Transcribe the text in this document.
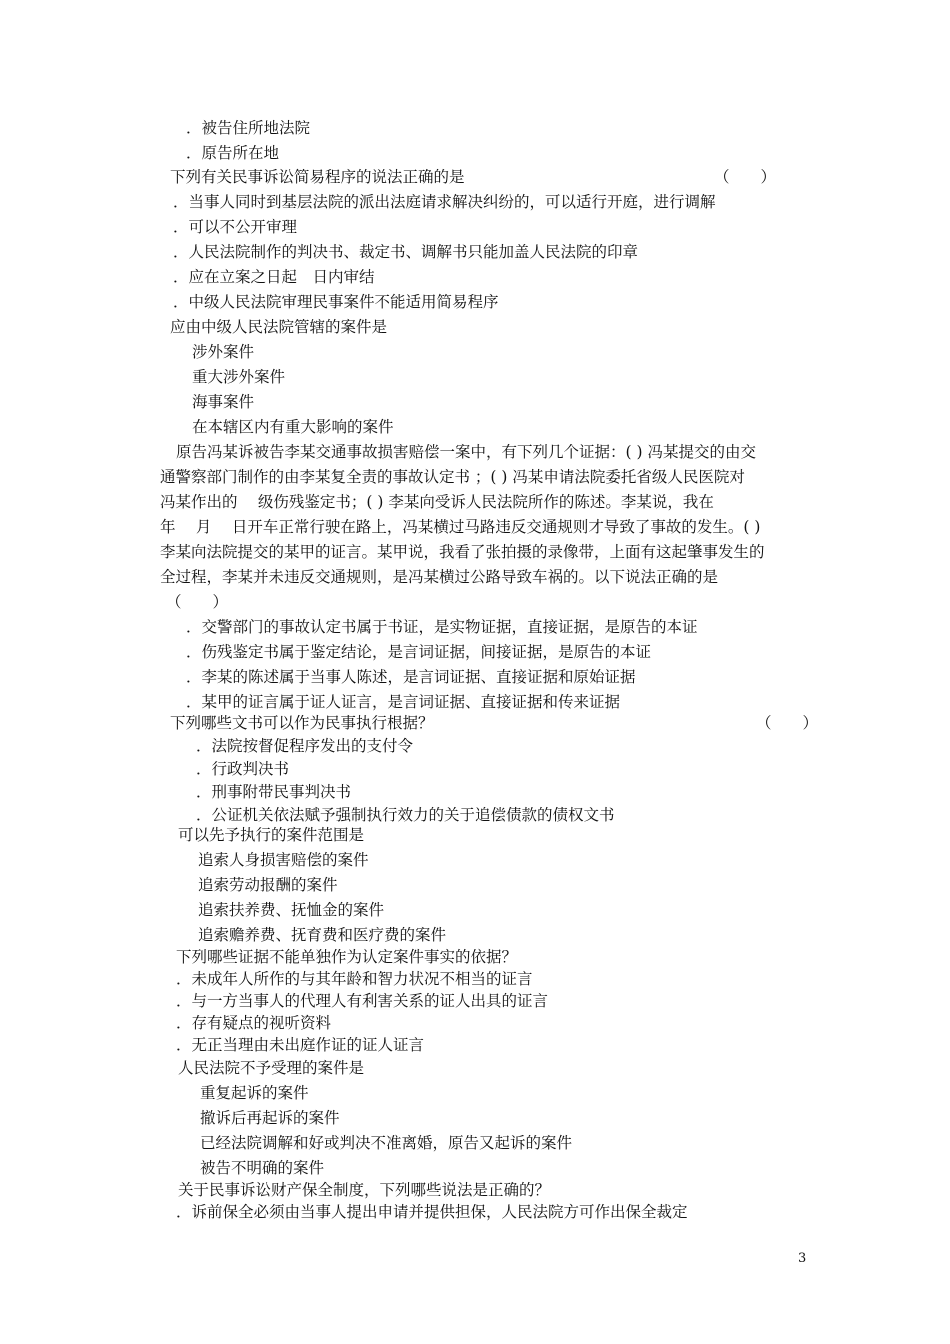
．被告住所地法院
．原告所在地
下列有关民事诉讼简易程序的说法正确的是	（　　）
．当事人同时到基层法院的派出法庭请求解决纠纷的，可以适行开庭，进行调解
．可以不公开审理
．人民法院制作的判决书、裁定书、调解书只能加盖人民法院的印章
．应在立案之日起　日内审结
．中级人民法院审理民事案件不能适用简易程序
应由中级人民法院管辖的案件是
涉外案件
重大涉外案件
海事案件
在本辖区内有重大影响的案件
原告冯某诉被告李某交通事故损害赔偿一案中，有下列几个证据：( ) 冯某提交的由交
通警察部门制作的由李某复全责的事故认定书 ；( ) 冯某申请法院委托省级人民医院对
冯某作出的　 级伤残鉴定书；( ) 李某向受诉人民法院所作的陈述。李某说，我在
年　 月　 日开车正常行驶在路上，冯某横过马路违反交通规则才导致了事故的发生。( )
李某向法院提交的某甲的证言。某甲说，我看了张拍摄的录像带，上面有这起肇事发生的
全过程，李某并未违反交通规则，是冯某横过公路导致车祸的。以下说法正确的是
（　　）
．交警部门的事故认定书属于书证，是实物证据，直接证据，是原告的本证
．伤残鉴定书属于鉴定结论，是言词证据，间接证据，是原告的本证
．李某的陈述属于当事人陈述，是言词证据、直接证据和原始证据
．某甲的证言属于证人证言，是言词证据、直接证据和传来证据
下列哪些文书可以作为民事执行根据？	（　　）
．法院按督促程序发出的支付令
．行政判决书
．刑事附带民事判决书
．公证机关依法赋予强制执行效力的关于追偿债款的债权文书
可以先予执行的案件范围是
追索人身损害赔偿的案件
追索劳动报酬的案件
追索扶养费、抚恤金的案件
追索赡养费、抚育费和医疗费的案件
下列哪些证据不能单独作为认定案件事实的依据？
．未成年人所作的与其年龄和智力状况不相当的证言
．与一方当事人的代理人有利害关系的证人出具的证言
．存有疑点的视听资料
．无正当理由未出庭作证的证人证言
人民法院不予受理的案件是
重复起诉的案件
撤诉后再起诉的案件
已经法院调解和好或判决不准离婚，原告又起诉的案件
被告不明确的案件
关于民事诉讼财产保全制度，下列哪些说法是正确的？
．诉前保全必须由当事人提出申请并提供担保，人民法院方可作出保全裁定
3
